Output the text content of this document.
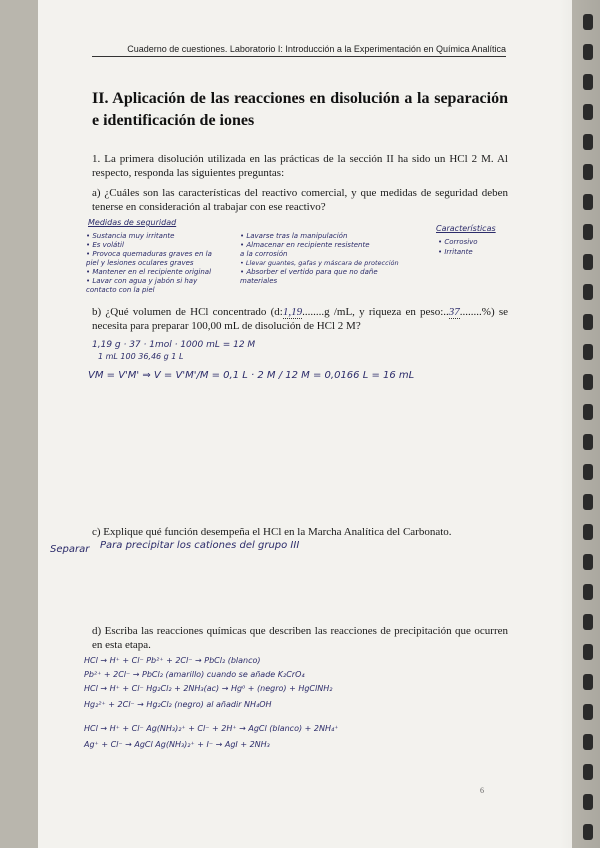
Cuaderno de cuestiones. Laboratorio I: Introducción a la Experimentación en Química Analítica
II. Aplicación de las reacciones en disolución a la separación e identificación de iones
1. La primera disolución utilizada en las prácticas de la sección II ha sido un HCl 2 M. Al respecto, responda las siguientes preguntas:
a) ¿Cuáles son las características del reactivo comercial, y que medidas de seguridad deben tenerse en consideración al trabajar con ese reactivo?
Medidas de seguridad
• Sustancia muy irritante
• Es volátil
• Provoca quemaduras graves en la
piel y lesiones oculares graves
• Mantener en el recipiente original
• Lavar con agua y jabón si hay
contacto con la piel
• Lavarse tras la manipulación
• Almacenar en recipiente resistente
a la corrosión
• Llevar guantes, gafas y máscara de protección
• Absorber el vertido para que no dañe
materiales
Características
• Corrosivo
• Irritante
b) ¿Qué volumen de HCl concentrado (d:1,19........g /mL, y riqueza en peso:..37........%) se necesita para preparar 100,00 mL de disolución de HCl 2 M?
1,19 g · 37 · 1mol · 1000 mL = 12 M
1 mL 100 36,46 g 1 L
VM = V'M' ⇒ V = V'M'/M = 0,1 L · 2 M / 12 M = 0,0166 L = 16 mL
c) Explique qué función desempeña el HCl en la Marcha Analítica del Carbonato.
Separar Para precipitar los cationes del grupo III
d) Escriba las reacciones químicas que describen las reacciones de precipitación que ocurren en esta etapa.
HCl → H⁺ + Cl⁻ Pb²⁺ + 2Cl⁻ → PbCl₂ (blanco)
Pb²⁺ + 2Cl⁻ → PbCl₂ (amarillo) cuando se añade K₂CrO₄
HCl → H⁺ + Cl⁻ Hg₂Cl₂ + 2NH₃(ac) → Hg⁰ + (negro) + HgClNH₂
Hg₂²⁺ + 2Cl⁻ → Hg₂Cl₂ (negro) al añadir NH₄OH
HCl → H⁺ + Cl⁻ Ag(NH₃)₂⁺ + Cl⁻ + 2H⁺ → AgCl (blanco) + 2NH₄⁺
Ag⁺ + Cl⁻ → AgCl Ag(NH₃)₂⁺ + I⁻ → AgI + 2NH₃
6
